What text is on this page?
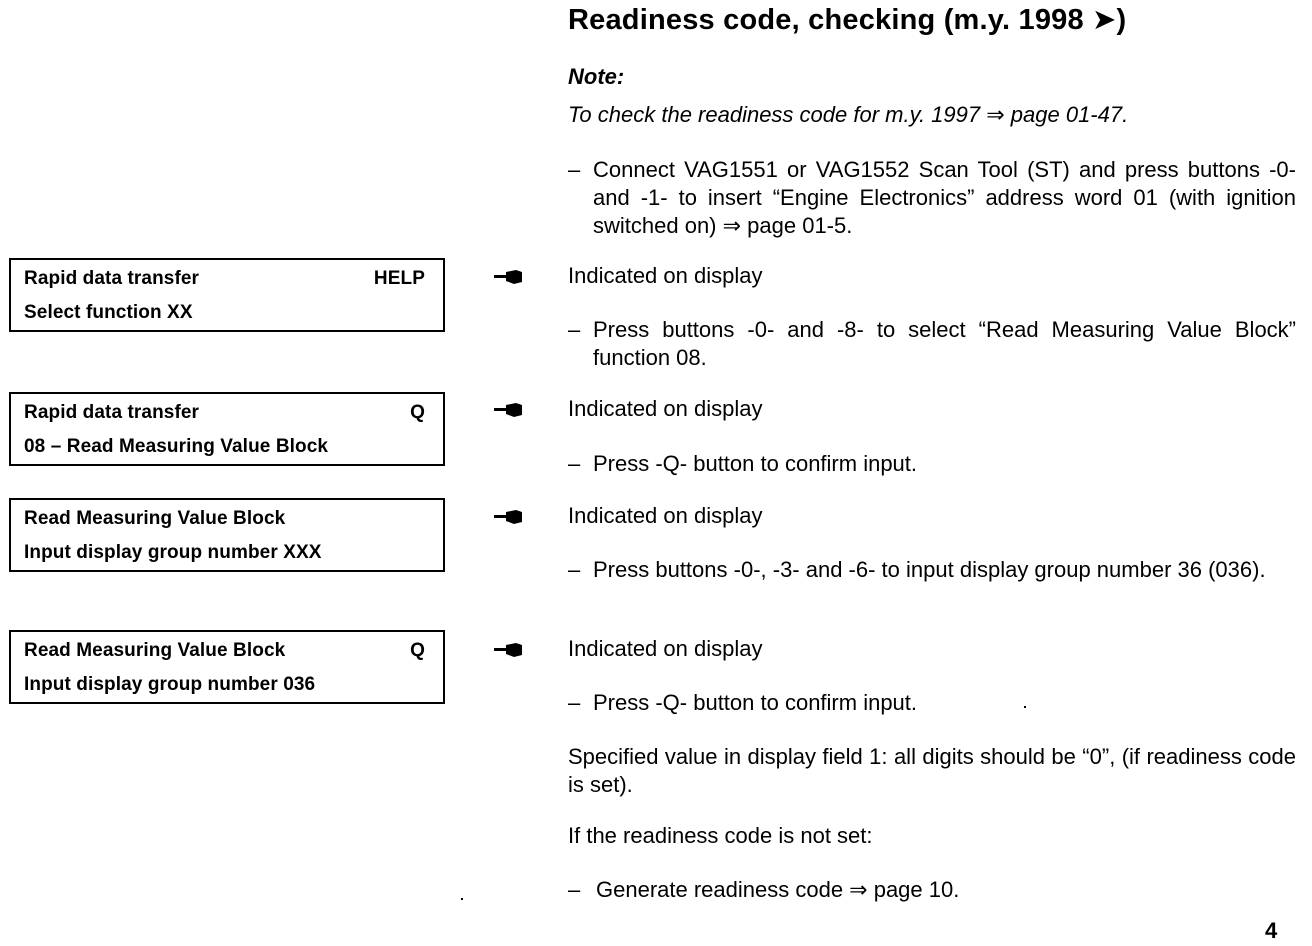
Readiness code, checking (m.y. 1998 ➤)
Note:
To check the readiness code for m.y. 1997 ⇒ page 01-47.
– Connect VAG1551 or VAG1552 Scan Tool (ST) and press buttons -0- and -1- to insert “Engine Electronics” address word 01 (with ignition switched on) ⇒ page 01-5.
Rapid data transfer	HELP
Select function XX
Indicated on display
– Press buttons -0- and -8- to select “Read Measuring Value Block” function 08.
Rapid data transfer	Q
08 – Read Measuring Value Block
Indicated on display
– Press -Q- button to confirm input.
Read Measuring Value Block
Input display group number XXX
Indicated on display
– Press buttons -0-, -3- and -6- to input display group number 36 (036).
Read Measuring Value Block	Q
Input display group number 036
Indicated on display
– Press -Q- button to confirm input.
Specified value in display field 1: all digits should be “0”, (if readiness code is set).
If the readiness code is not set:
– Generate readiness code ⇒ page 10.
4
